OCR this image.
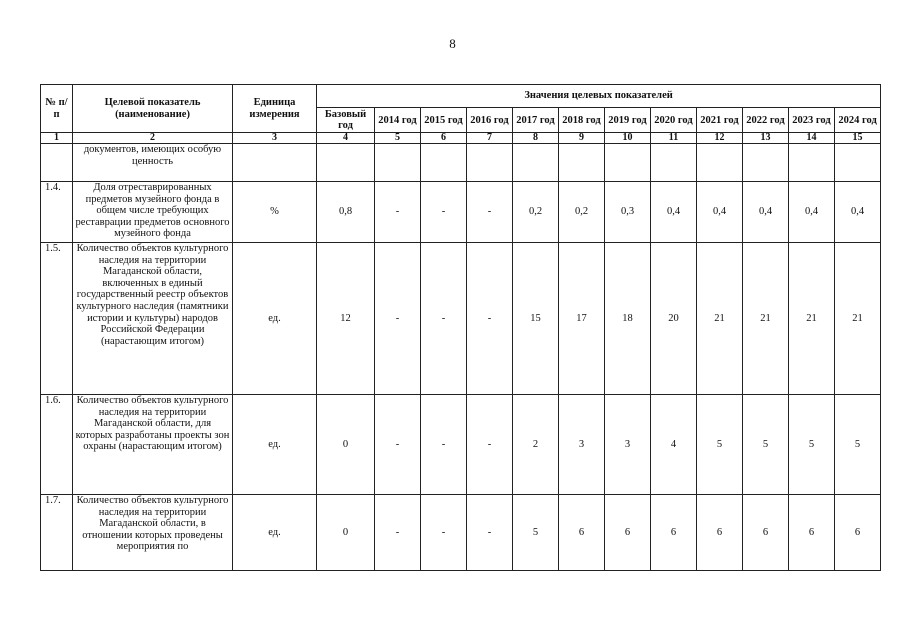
8
№ п/п	Целевой показатель (наименование)	Единица измерения	Значения целевых показателей											
			Базовый год	2014 год	2015 год	2016 год	2017 год	2018 год	2019 год	2020 год	2021 год	2022 год	2023 год	2024 год
1	2	3	4	5	6	7	8	9	10	11	12	13	14	15
	документов, имеющих особую ценность													
1.4.	Доля отреставрированных предметов музейного фонда в общем числе требующих реставрации предметов основного музейного фонда	%	0,8	-	-	-	0,2	0,2	0,3	0,4	0,4	0,4	0,4	0,4
1.5.	Количество объектов культурного наследия на территории Магаданской области, включенных в единый государственный реестр объектов культурного наследия (памятники истории и культуры) народов Российской Федерации (нарастающим итогом)	ед.	12	-	-	-	15	17	18	20	21	21	21	21
1.6.	Количество объектов культурного наследия на территории Магаданской области, для которых разработаны проекты зон охраны (нарастающим итогом)	ед.	0	-	-	-	2	3	3	4	5	5	5	5
1.7.	Количество объектов культурного наследия на территории Магаданской области, в отношении которых проведены мероприятия по	ед.	0	-	-	-	5	6	6	6	6	6	6	6
